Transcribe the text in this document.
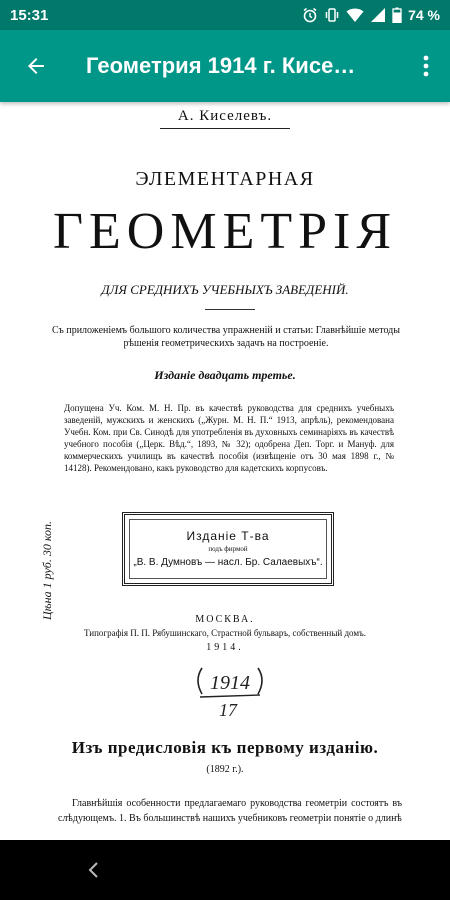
15:31	74 %
Геометрия 1914 г. Кисе…
А. Киселевъ.
ЭЛЕМЕНТАРНАЯ
ГЕОМЕТРІЯ
ДЛЯ СРЕДНИХЪ УЧЕБНЫХЪ ЗАВЕДЕНІЙ.
Съ приложеніемъ большого количества упражненій и статьи: Главнѣйшіе методы рѣшенія геометрическихъ задачъ на построеніе.
Изданіе двадцать третье.
Допущена Уч. Ком. М. Н. Пр. въ качествѣ руководства для среднихъ учебныхъ заведеній, мужскихъ и женскихъ („Журн. М. Н. П.“ 1913, апрѣль), рекомендована Учебн. Ком. при Св. Синодѣ для употребленія въ духовныхъ семинаріяхъ въ качествѣ учебного пособія („Церк. Вѣд.“, 1893, № 32); одобрена Деп. Торг. и Мануф. для коммерческихъ училищъ въ качествѣ пособія (извѣщеніе отъ 30 мая 1898 г., № 14128). Рекомендовано, какъ руководство для кадетскихъ корпусовъ.
Цѣна 1 руб. 30 коп.	Изданіе Т-ва
подъ фирмой
„В. В. Думновъ — насл. Бр. Салаевыхъ“.
МОСКВА.
Типографія П. П. Рябушинскаго, Страстной бульваръ, собственный домъ.
1914.
1914
17
Изъ предисловія къ первому изданію.
(1892 г.).
Главнѣйшія особенности предлагаемаго руководства геометріи состоятъ въ слѣдующемъ. 1. Въ большинствѣ нашихъ учебниковъ геометріи понятіе о длинѣ
